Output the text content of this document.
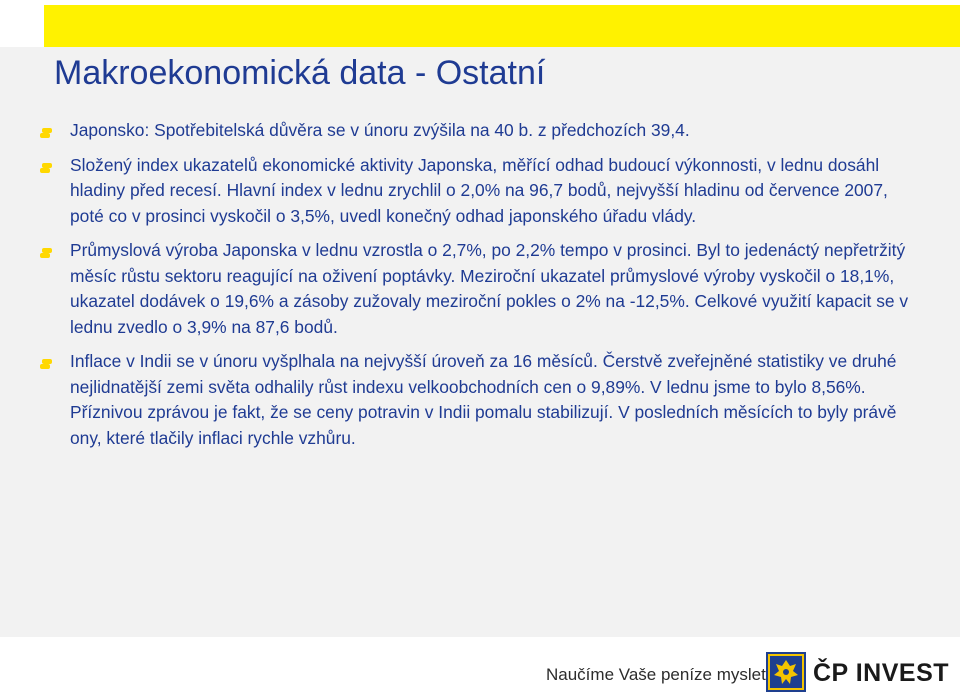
Makroekonomická data - Ostatní
Japonsko: Spotřebitelská důvěra se v únoru zvýšila na 40 b. z předchozích 39,4.
Složený index ukazatelů ekonomické aktivity Japonska, měřící odhad budoucí výkonnosti, v lednu dosáhl hladiny před recesí. Hlavní index v lednu zrychlil o 2,0% na 96,7 bodů, nejvyšší hladinu od července 2007, poté co v prosinci vyskočil o 3,5%, uvedl konečný odhad japonského úřadu vlády.
Průmyslová výroba Japonska v lednu vzrostla o 2,7%, po 2,2% tempo v prosinci. Byl to jedenáctý nepřetržitý měsíc růstu sektoru reagující na oživení poptávky. Meziroční ukazatel průmyslové výroby vyskočil o 18,1%, ukazatel dodávek o 19,6% a zásoby zužovaly meziroční pokles o 2% na -12,5%. Celkové využití kapacit se v lednu zvedlo o 3,9% na 87,6 bodů.
Inflace v Indii se v únoru vyšplhala na nejvyšší úroveň za 16 měsíců. Čerstvě zveřejněné statistiky ve druhé nejlidnatější zemi světa odhalily růst indexu velkoobchodních cen o 9,89%. V lednu jsme to bylo 8,56%. Příznivou zprávou je fakt, že se ceny potravin v Indii pomalu stabilizují. V posledních měsících to byly právě ony, které tlačily inflaci rychle vzhůru.
Naučíme Vaše peníze myslet ČP INVEST
